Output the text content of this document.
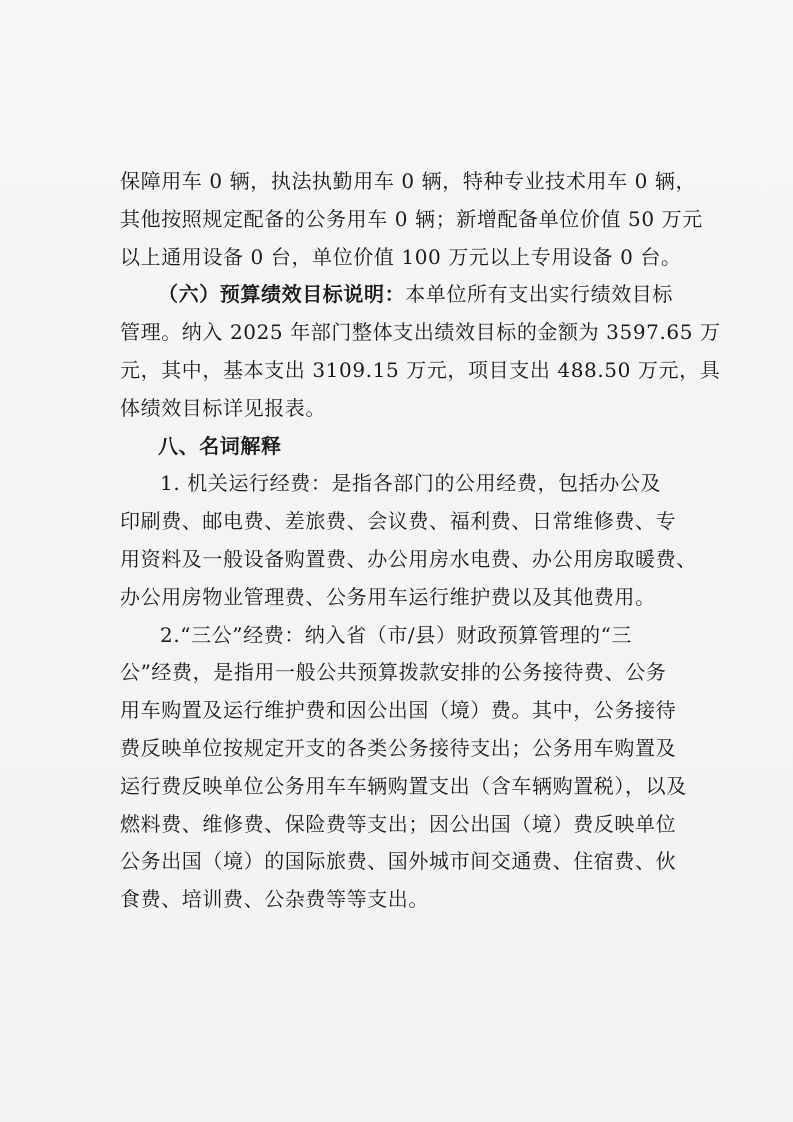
保障用车 0 辆，执法执勤用车 0 辆，特种专业技术用车 0 辆，
其他按照规定配备的公务用车 0 辆；新增配备单位价值 50 万元
以上通用设备 0 台，单位价值 100 万元以上专用设备 0 台。
（六）预算绩效目标说明：本单位所有支出实行绩效目标
管理。纳入 2025 年部门整体支出绩效目标的金额为 3597.65 万
元，其中，基本支出 3109.15 万元，项目支出 488.50 万元，具
体绩效目标详见报表。
八、名词解释
1. 机关运行经费：是指各部门的公用经费，包括办公及
印刷费、邮电费、差旅费、会议费、福利费、日常维修费、专
用资料及一般设备购置费、办公用房水电费、办公用房取暖费、
办公用房物业管理费、公务用车运行维护费以及其他费用。
2.“三公”经费：纳入省（市/县）财政预算管理的“三
公”经费，是指用一般公共预算拨款安排的公务接待费、公务
用车购置及运行维护费和因公出国（境）费。其中，公务接待
费反映单位按规定开支的各类公务接待支出；公务用车购置及
运行费反映单位公务用车车辆购置支出（含车辆购置税），以及
燃料费、维修费、保险费等支出；因公出国（境）费反映单位
公务出国（境）的国际旅费、国外城市间交通费、住宿费、伙
食费、培训费、公杂费等等支出。
